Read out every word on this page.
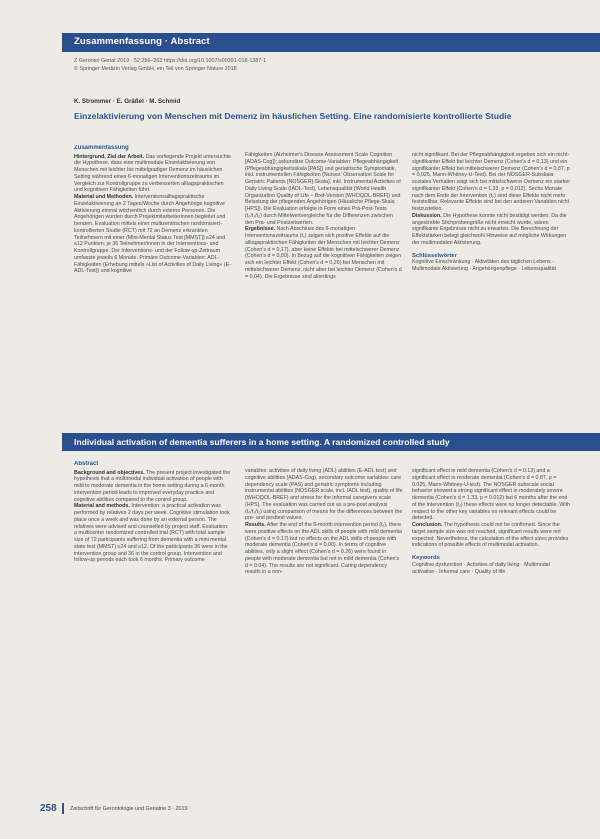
Zusammenfassung · Abstract
Z Gerontol Geriat 2019 · 52:256–263 https://doi.org/10.1007/s00391-018-1387-1
© Springer Medizin Verlag GmbH, ein Teil von Springer Nature 2018
K. Strommer · E. Gräßel · M. Schmid
Einzelaktivierung von Menschen mit Demenz im häuslichen Setting. Eine randomisierte kontrollierte Studie
Zusammenfassung

Hintergrund, Ziel der Arbeit. Das vorliegende Projekt untersuchte die Hypothese, dass eine multimodale Einzelaktivierung von Menschen mit leichter bis mittelgradiger Demenz im häuslichen Setting während eines 6-monatigen Interventionszeitraums im Vergleich zur Kontrollgruppe zu verbesserten alltagspraktischen und kognitiven Fähigkeiten führt.

Material und Methoden. Interventionsalltagspraktische Einzelaktivierung an 2 Tagen/Woche durch Angehörige kognitive Aktivierung einmal wöchentlich durch externe Personen. Die Angehörigen wurden durch Projektmitarbeiterinnen begleitet und beraten. Evaluation mittels einer multizentrischen randomisiert-kontrollierten Studie (RCT) mit 72 an Demenz erkrankten Teilnehmern mit einer (Mini-Mental Status Test [MMST]) ≥24 und ≤12 Punkten; je 36 Teilnehmer/innen in der Interventions- und Kontrollgruppe. Der Interventions- und der Follow-up-Zeitraum umfasste jeweils 6 Monate. Primäre Outcome-Variablen: ADL-Fähigkeiten (Erhebung mittels »List of Activities of Daily Living« (E-ADL-Test)) und kognitive

Fähigkeiten (Alzheimer's Disease Assessment Scale Cognition [ADAS-Cog]); sekundäre Outcome-Variablen: Pflegeabhängigkeit (Pflegeabhängigkeitsskala [PAS]) und geriatrische Symptomatik, inkl. instrumentellen Fähigkeiten (Nurses' Observation Scale for Geriatric Patients [NOSGER]-Skala), inkl. Instrumental Activities of Daily Living Scale (IADL-Test), Lebensqualität (World Health Organization Quality of Life – Bref-Version [WHOQOL-BREF]) und Belastung der pflegenden Angehörigen (Häusliche Pflege-Skala [HPS]). Die Evaluation erfolgte in Form eines Prä-Post-Tests (t₀/t₁/t₂) durch Mittelwertvergleiche für die Differenzen zwischen den Prä- und Postzeitwerten.

Ergebnisse. Nach Abschluss des 6-monatigen Interventionszeitraums (t₁) zeigen sich positive Effekte auf die alltagspraktischen Fähigkeiten der Menschen mit leichter Demenz (Cohen's d = 0,17), aber keine Effekte bei mittelschwerer Demenz (Cohen's d = 0,00). In Bezug auf die kognitiven Fähigkeiten zeigen sich ein leichter Effekt (Cohen's d = 0,26) bei Menschen mit mittelschwerer Demenz, nicht aber bei leichter Demenz (Cohen's d = 0,04). Die Ergebnisse sind allerdings

nicht signifikant. Bei der Pflegeabhängigkeit ergeben sich ein nicht-signifikanter Effekt bei leichter Demenz (Cohen's d = 0,13) und ein signifikanter Effekt bei mittelschwerer Demenz (Cohen's d = 0,87, p = 0,025, Mann-Whitney-U-Test). Bei der NOSGER-Subskala soziales Verhalten zeigt sich bei mittelschwerer Demenz ein starker signifikanter Effekt (Cohen's d = 1,33, p = 0,012). Sechs Monate nach dem Ende der Intervention (t₂) sind diese Effekte nicht mehr feststellbar. Relevante Effekte sind bei den anderen Variablen nicht festzustellen.

Diskussion. Die Hypothese konnte nicht bestätigt werden. Da die angestrebte Stichprobengröße nicht erreicht wurde, wären signifikante Ergebnisse nicht zu erwarten. Die Berechnung der Effektstärken belegt gleichwohl Hinweise auf mögliche Wirkungen der multimodalen Aktivierung.

Schlüsselwörter
Kognitive Einschränkung · Aktivitäten des täglichen Lebens · Multimodale Aktivierung · Angehörigenpflege · Lebensqualität
Individual activation of dementia sufferers in a home setting. A randomized controlled study
Abstract

Background and objectives. The present project investigated the hypothesis that a multimodal individual activation of people with mild to moderate dementia in the home setting during a 6-month intervention period leads to improved everyday practice and cognitive abilities compared to the control group.

Material and methods. Intervention: a practical activation was performed by relatives 2 days per week. Cognitive stimulation took place once a week and was done by an external person. The relatives were advised and counselled by project staff. Evaluation: a multicenter randomized controlled trial (RCT) with total sample size of 72 participants suffering from dementia with a mini mental state test (MMST) ≤24 and ≥12. Of the participants 36 were in the intervention group and 36 in the control group. Intervention and follow-up periods each took 6 months. Primary outcome

variables: activities of daily living (ADL) abilities (E-ADL test) and cognitive abilities (ADAS-Cog), secondary outcome variables: care dependency scale (PAS) and geriatric symptoms including instrumental abilities (NOSGER scale, incl. IADL test), quality of life (WHOQOL-BREF) and stress for the informal caregivers scale (HPS). The evaluation was carried out as a pre-post analysis (t₀/t₁/t₂) using comparison of means for the differences between the pre- and posttest values.

Results. After the end of the 6-month intervention period (t₁), there were positive effects on the ADL skills of people with mild dementia (Cohen's d = 0.17) but no effects on the ADL skills of people with moderate dementia (Cohen's d = 0.00). In terms of cognitive abilities, only a slight effect (Cohen's d = 0.26) were found in people with moderate dementia but not in mild dementia (Cohen's d = 0.04). The results are not significant. Caring dependency results in a non-

significant effect in mild dementia (Cohen's d = 0.13) and a significant effect in moderate dementia (Cohen's d = 0.87, p = 0.025, Mann-Whitney-U-test). The NOSGER subscale social behavior showed a strong significant effect in moderately severe dementia (Cohen's d = 1.33, p = 0.012) but 6 months after the end of the intervention (t₂) these effects were no longer detectable. With respect to the other key variables no relevant effects could be detected.

Conclusion. The hypothesis could not be confirmed. Since the target sample size was not reached, significant results were not expected. Nevertheless, the calculation of the effect sizes provides indications of possible effects of multimodal activation.

Keywords
Cognitive dysfunction · Activities of daily living · Multimodal activation · Informal care · Quality of life
258 Zeitschrift für Gerontologie und Geriatrie 3 · 2019
